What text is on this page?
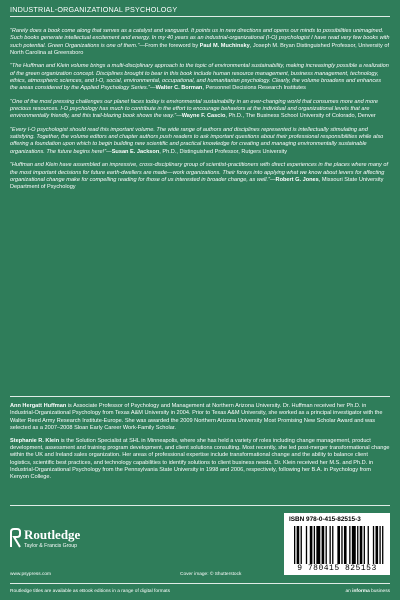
INDUSTRIAL-ORGANIZATIONAL PSYCHOLOGY

“Rarely does a book come along that serves as a catalyst and vanguard. It points us in new directions and opens our minds to possibilities unimagined. Such books generate intellectual excitement and energy. In my 40 years as an industrial-organizational (I-O) psychologist I have read very few books with such potential. Green Organizations is one of them.”—From the foreword by Paul M. Muchinsky, Joseph M. Bryan Distinguished Professor, University of North Carolina at Greensboro

“The Huffman and Klein volume brings a multi-disciplinary approach to the topic of environmental sustainability, making increasingly possible a realization of the green organization concept. Disciplines brought to bear in this book include human resource management, business management, technology, ethics, atmospheric sciences, and I-O, social, environmental, occupational, and humanitarian psychology. Clearly, the volume broadens and enhances the areas considered by the Applied Psychology Series.”—Walter C. Borman, Personnel Decisions Research Institutes

“One of the most pressing challenges our planet faces today is environmental sustainability in an ever-changing world that consumes more and more precious resources. I-O psychology has much to contribute in the effort to encourage behaviors at the individual and organizational levels that are environmentally friendly, and this trail-blazing book shows the way.”—Wayne F. Cascio, Ph.D., The Business School University of Colorado, Denver

“Every I-O psychologist should read this important volume. The wide range of authors and disciplines represented is intellectually stimulating and satisfying. Together, the volume editors and chapter authors push readers to ask important questions about their professional responsibilities while also offering a foundation upon which to begin building new scientific and practical knowledge for creating and managing environmentally sustainable organizations. The future begins here!”—Susan E. Jackson, Ph.D., Distinguished Professor, Rutgers University

“Huffman and Klein have assembled an impressive, cross-disciplinary group of scientist-practitioners with direct experiences in the places where many of the most important decisions for future earth-dwellers are made—work organizations. Their forays into applying what we know about levers for affecting organizational change make for compelling reading for those of us interested in broader change, as well.”—Robert G. Jones, Missouri State University Department of Psychology

Ann Hergatt Huffman is Associate Professor of Psychology and Management at Northern Arizona University. Dr. Huffman received her Ph.D. in Industrial-Organizational Psychology from Texas A&M University in 2004. Prior to Texas A&M University, she worked as a principal investigator with the Walter Reed Army Research Institute-Europe. She was awarded the 2009 Northern Arizona University Most Promising New Scholar Award and was selected as a 2007–2008 Sloan Early Career Work-Family Scholar.

Stephanie R. Klein is the Solution Specialist at SHL in Minneapolis, where she has held a variety of roles including change management, product development, assessment and training program development, and client solutions consulting. Most recently, she led post-merger transformational change within the UK and Ireland sales organization. Her areas of professional expertise include transformational change and the ability to balance client logistics, scientific best practices, and technology capabilities to identify solutions to client business needs. Dr. Klein received her M.S. and Ph.D. in Industrial-Organizational Psychology from the Pennsylvania State University in 1998 and 2006, respectively, following her B.A. in Psychology from Kenyon College.

Routledge
Taylor & Francis Group
www.psypress.com	Cover image: © Shutterstock
ISBN 978-0-415-82515-3
9 780415 825153
Routledge titles are available as eBook editions in a range of digital formats	an informa business
